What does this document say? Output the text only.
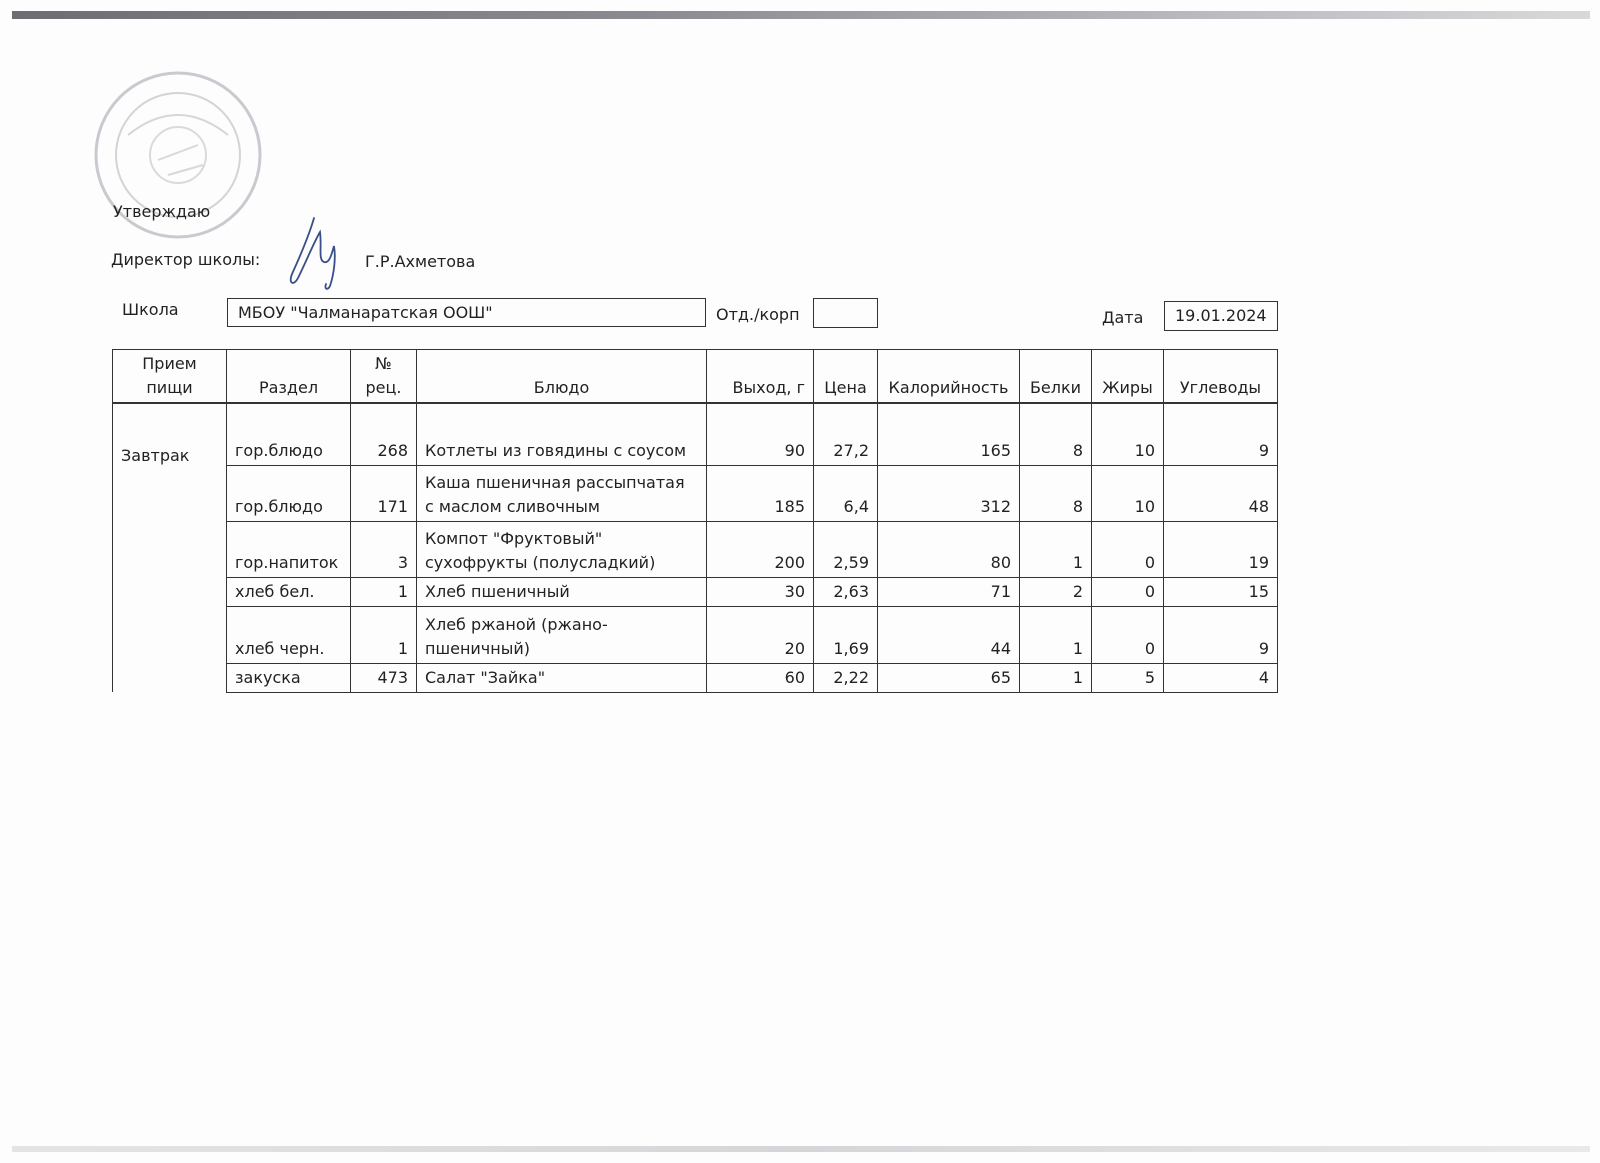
Утверждаю
Директор школы:	Г.Р.Ахметова
Школа	МБОУ "Чалманаратская ООШ"	Отд./корп	Дата	19.01.2024
Прием пищи	Раздел	№ рец.	Блюдо	Выход, г	Цена	Калорийность	Белки	Жиры	Углеводы
Завтрак	гор.блюдо	268	Котлеты из говядины с соусом	90	27,2	165	8	10	9
	гор.блюдо	171	Каша пшеничная рассыпчатая с маслом сливочным	185	6,4	312	8	10	48
	гор.напиток	3	Компот "Фруктовый" сухофрукты (полусладкий)	200	2,59	80	1	0	19
	хлеб бел.	1	Хлеб пшеничный	30	2,63	71	2	0	15
	хлеб черн.	1	Хлеб ржаной (ржано-пшеничный)	20	1,69	44	1	0	9
	закуска	473	Салат "Зайка"	60	2,22	65	1	5	4
